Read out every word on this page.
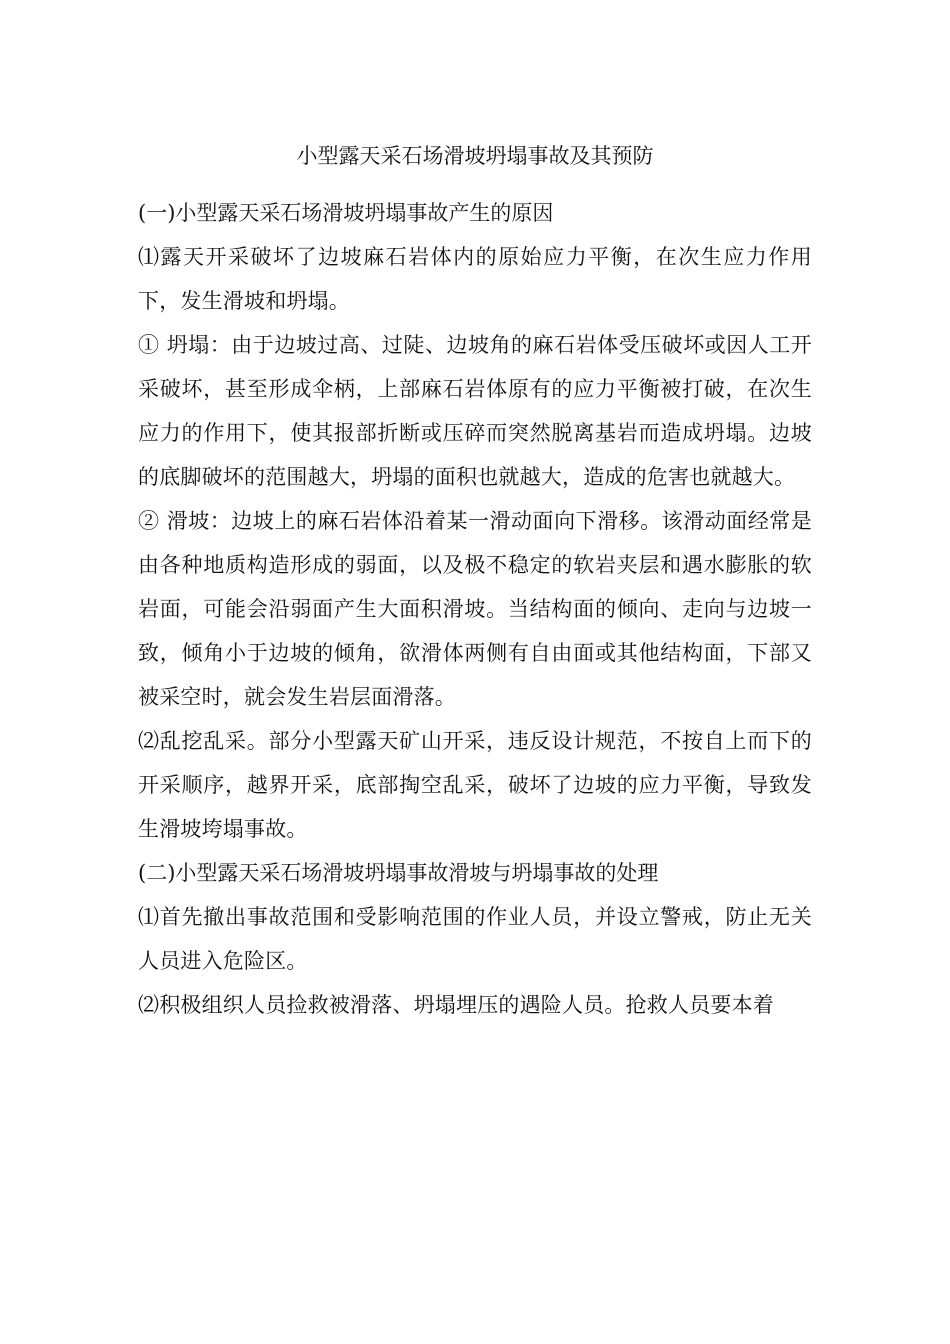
小型露天采石场滑坡坍塌事故及其预防

(一)小型露天采石场滑坡坍塌事故产生的原因

⑴露天开采破坏了边坡麻石岩体内的原始应力平衡，在次生应力作用下，发生滑坡和坍塌。

① 坍塌：由于边坡过高、过陡、边坡角的麻石岩体受压破坏或因人工开采破坏，甚至形成伞柄，上部麻石岩体原有的应力平衡被打破，在次生应力的作用下，使其报部折断或压碎而突然脱离基岩而造成坍塌。边坡的底脚破坏的范围越大，坍塌的面积也就越大，造成的危害也就越大。

② 滑坡：边坡上的麻石岩体沿着某一滑动面向下滑移。该滑动面经常是由各种地质构造形成的弱面，以及极不稳定的软岩夹层和遇水膨胀的软岩面，可能会沿弱面产生大面积滑坡。当结构面的倾向、走向与边坡一致，倾角小于边坡的倾角，欲滑体两侧有自由面或其他结构面，下部又被采空时，就会发生岩层面滑落。

⑵乱挖乱采。部分小型露天矿山开采，违反设计规范，不按自上而下的开采顺序，越界开采，底部掏空乱采，破坏了边坡的应力平衡，导致发生滑坡垮塌事故。

(二)小型露天采石场滑坡坍塌事故滑坡与坍塌事故的处理

⑴首先撤出事故范围和受影响范围的作业人员，并设立警戒，防止无关人员进入危险区。

⑵积极组织人员捡救被滑落、坍塌埋压的遇险人员。抢救人员要本着
